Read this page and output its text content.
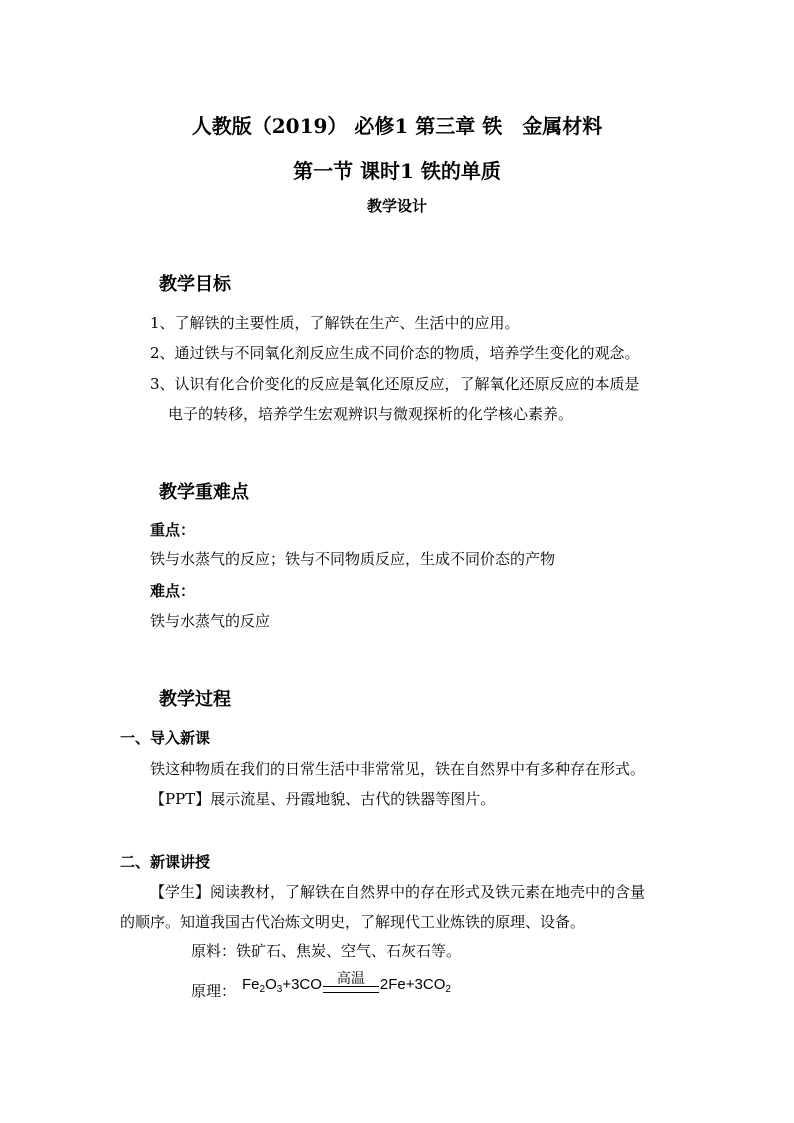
人教版（2019） 必修1 第三章 铁　金属材料
第一节 课时1 铁的单质
教学设计
教学目标
1、了解铁的主要性质，了解铁在生产、生活中的应用。
2、通过铁与不同氧化剂反应生成不同价态的物质，培养学生变化的观念。
3、认识有化合价变化的反应是氧化还原反应，了解氧化还原反应的本质是
电子的转移，培养学生宏观辨识与微观探析的化学核心素养。
教学重难点
重点：
铁与水蒸气的反应；铁与不同物质反应，生成不同价态的产物
难点：
铁与水蒸气的反应
教学过程
一、导入新课
铁这种物质在我们的日常生活中非常常见，铁在自然界中有多种存在形式。
【PPT】展示流星、丹霞地貌、古代的铁器等图片。
二、新课讲授
【学生】阅读教材，了解铁在自然界中的存在形式及铁元素在地壳中的含量
的顺序。知道我国古代冶炼文明史，了解现代工业炼铁的原理、设备。
原料：铁矿石、焦炭、空气、石灰石等。
原理： $Fe_2O_3+3CO$	高温	$2Fe+3CO_2$
